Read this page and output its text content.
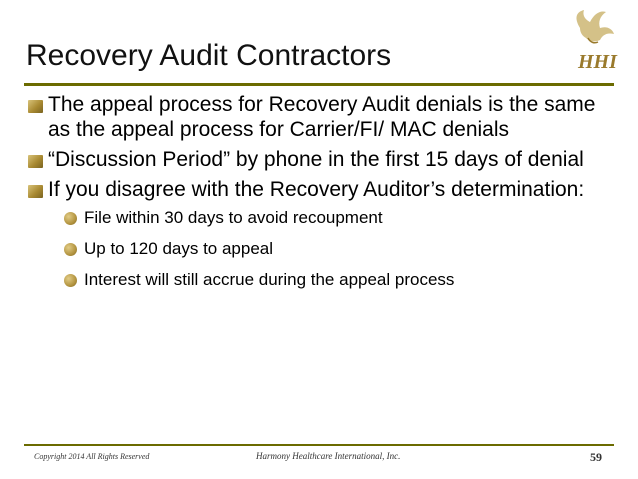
HHI
Recovery Audit Contractors
The appeal process for Recovery Audit denials is the same as the appeal process for Carrier/FI/ MAC denials
“Discussion Period” by phone in the first 15 days of denial
If you disagree with the Recovery Auditor’s determination:
File within 30 days to avoid recoupment
Up to 120 days to appeal
Interest will still accrue during the appeal process
Copyright 2014 All Rights Reserved	Harmony Healthcare International, Inc.	59
